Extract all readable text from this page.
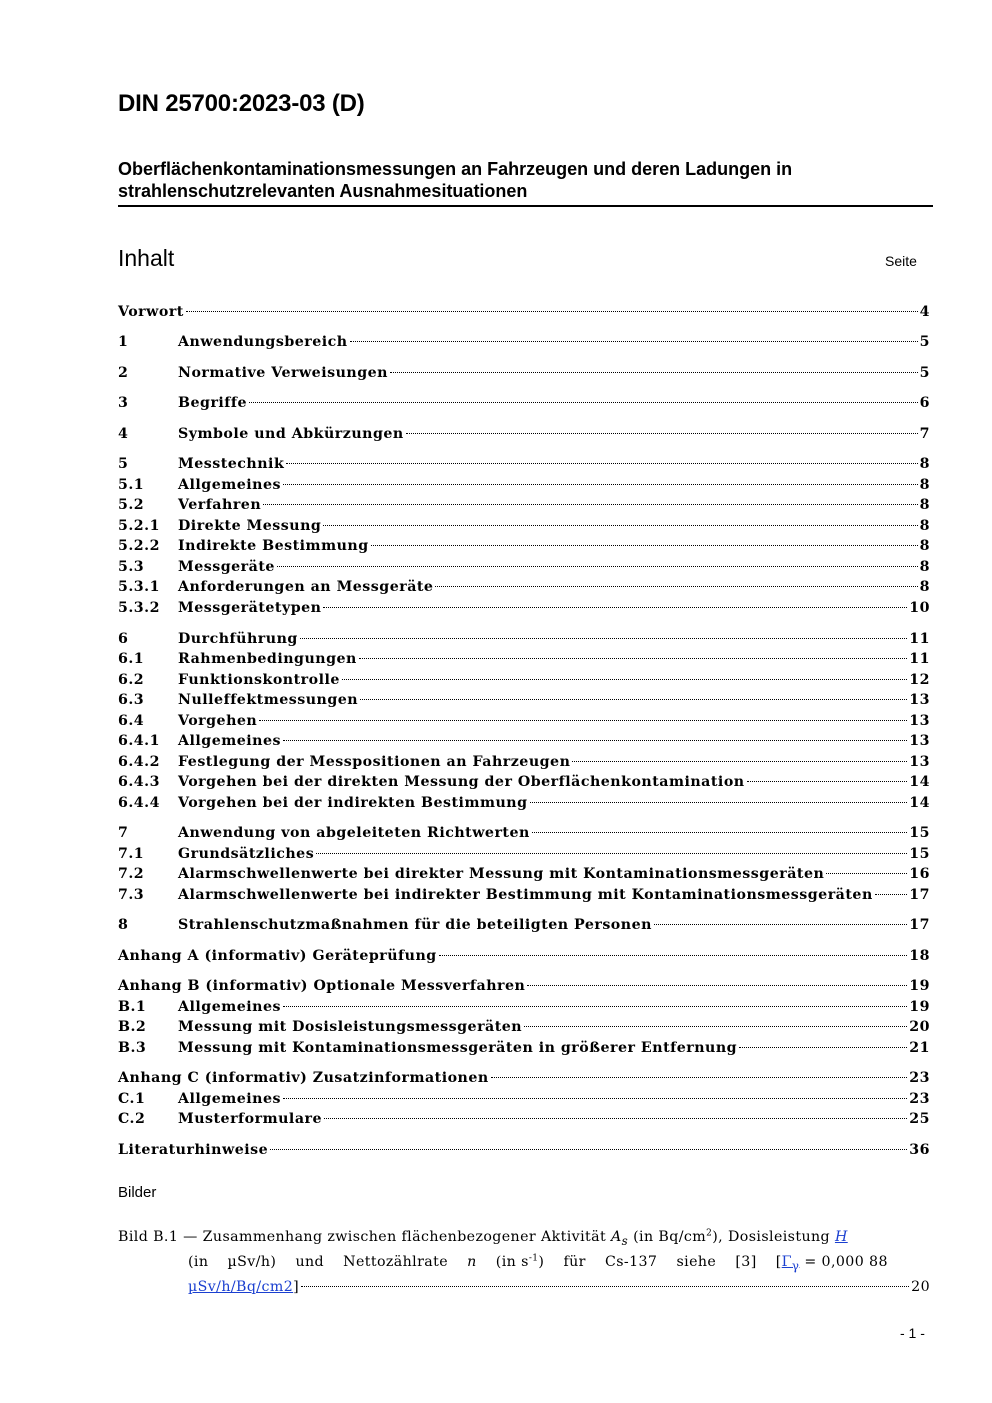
DIN 25700:2023-03 (D)
Oberflächenkontaminationsmessungen an Fahrzeugen und deren Ladungen in strahlenschutzrelevanten Ausnahmesituationen
Inhalt	Seite
Vorwort	4
1	Anwendungsbereich	5
2	Normative Verweisungen	5
3	Begriffe	6
4	Symbole und Abkürzungen	7
5	Messtechnik	8
5.1	Allgemeines	8
5.2	Verfahren	8
5.2.1	Direkte Messung	8
5.2.2	Indirekte Bestimmung	8
5.3	Messgeräte	8
5.3.1	Anforderungen an Messgeräte	8
5.3.2	Messgerätetypen	10
6	Durchführung	11
6.1	Rahmenbedingungen	11
6.2	Funktionskontrolle	12
6.3	Nulleffektmessungen	13
6.4	Vorgehen	13
6.4.1	Allgemeines	13
6.4.2	Festlegung der Messpositionen an Fahrzeugen	13
6.4.3	Vorgehen bei der direkten Messung der Oberflächenkontamination	14
6.4.4	Vorgehen bei der indirekten Bestimmung	14
7	Anwendung von abgeleiteten Richtwerten	15
7.1	Grundsätzliches	15
7.2	Alarmschwellenwerte bei direkter Messung mit Kontaminationsmessgeräten	16
7.3	Alarmschwellenwerte bei indirekter Bestimmung mit Kontaminationsmessgeräten	17
8	Strahlenschutzmaßnahmen für die beteiligten Personen	17
Anhang A (informativ) Geräteprüfung	18
Anhang B (informativ) Optionale Messverfahren	19
B.1	Allgemeines	19
B.2	Messung mit Dosisleistungsmessgeräten	20
B.3	Messung mit Kontaminationsmessgeräten in größerer Entfernung	21
Anhang C (informativ) Zusatzinformationen	23
C.1	Allgemeines	23
C.2	Musterformulare	25
Literaturhinweise	36
Bilder
Bild B.1 — Zusammenhang zwischen flächenbezogener Aktivität $A_s$ (in $Bq/cm^2$), Dosisleistung H
(in µSv/h) und Nettozählrate n (in $s^{-1}$) für Cs-137 siehe [3] [$\Gamma_\gamma = 0,000$ 88
µSv/h/Bq/cm2 ]	20
- 1 -
